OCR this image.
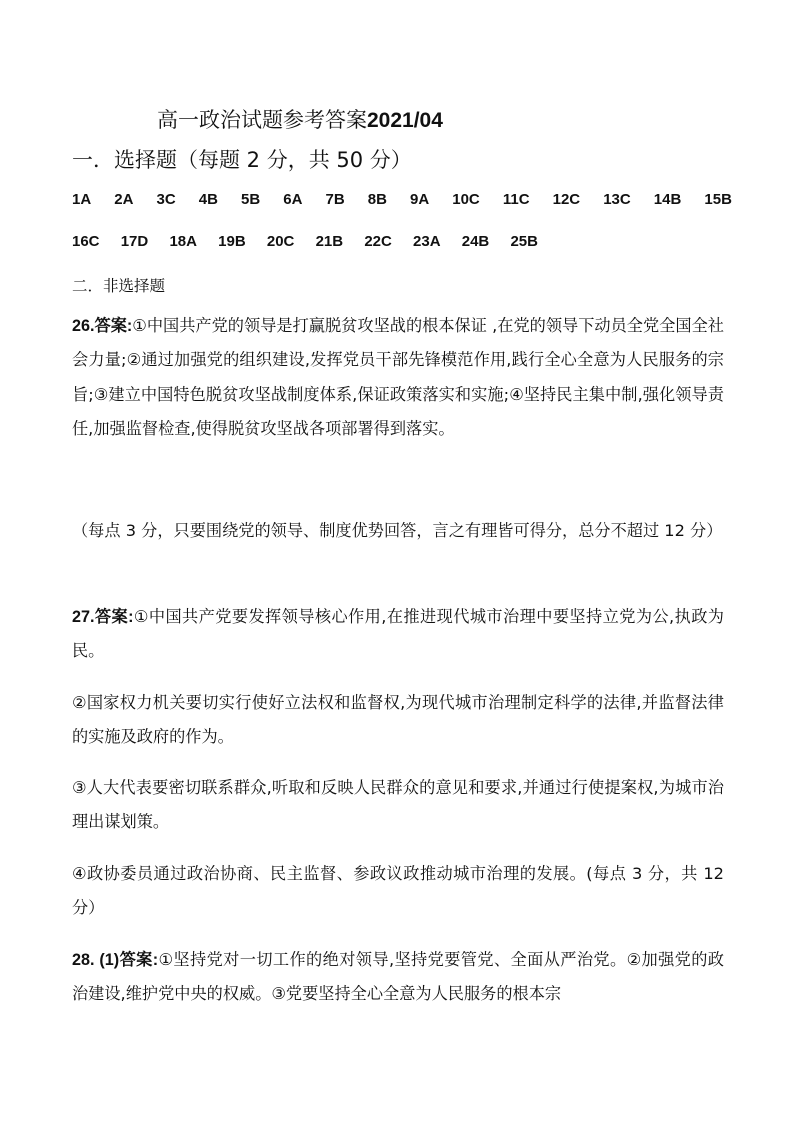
高一政治试题参考答案2021/04
一．选择题（每题 2 分，共 50 分）
1A 2A 3C 4B 5B 6A 7B 8B 9A 10C 11C 12C 13C 14B 15B
16C 17D 18A 19B 20C 21B 22C 23A 24B 25B
二．非选择题
26.答案:①中国共产党的领导是打赢脱贫攻坚战的根本保证 ,在党的领导下动员全党全国全社会力量;②通过加强党的组织建设,发挥党员干部先锋模范作用,践行全心全意为人民服务的宗旨;③建立中国特色脱贫攻坚战制度体系,保证政策落实和实施;④坚持民主集中制,强化领导责任,加强监督检查,使得脱贫攻坚战各项部署得到落实。
（每点 3 分，只要围绕党的领导、制度优势回答，言之有理皆可得分，总分不超过 12 分）
27.答案:①中国共产党要发挥领导核心作用,在推进现代城市治理中要坚持立党为公,执政为民。
②国家权力机关要切实行使好立法权和监督权,为现代城市治理制定科学的法律,并监督法律的实施及政府的作为。
③人大代表要密切联系群众,听取和反映人民群众的意见和要求,并通过行使提案权,为城市治理出谋划策。
④政协委员通过政治协商、民主监督、参政议政推动城市治理的发展。(每点 3 分，共 12 分）
28. (1)答案:①坚持党对一切工作的绝对领导,坚持党要管党、全面从严治党。②加强党的政治建设,维护党中央的权威。③党要坚持全心全意为人民服务的根本宗
